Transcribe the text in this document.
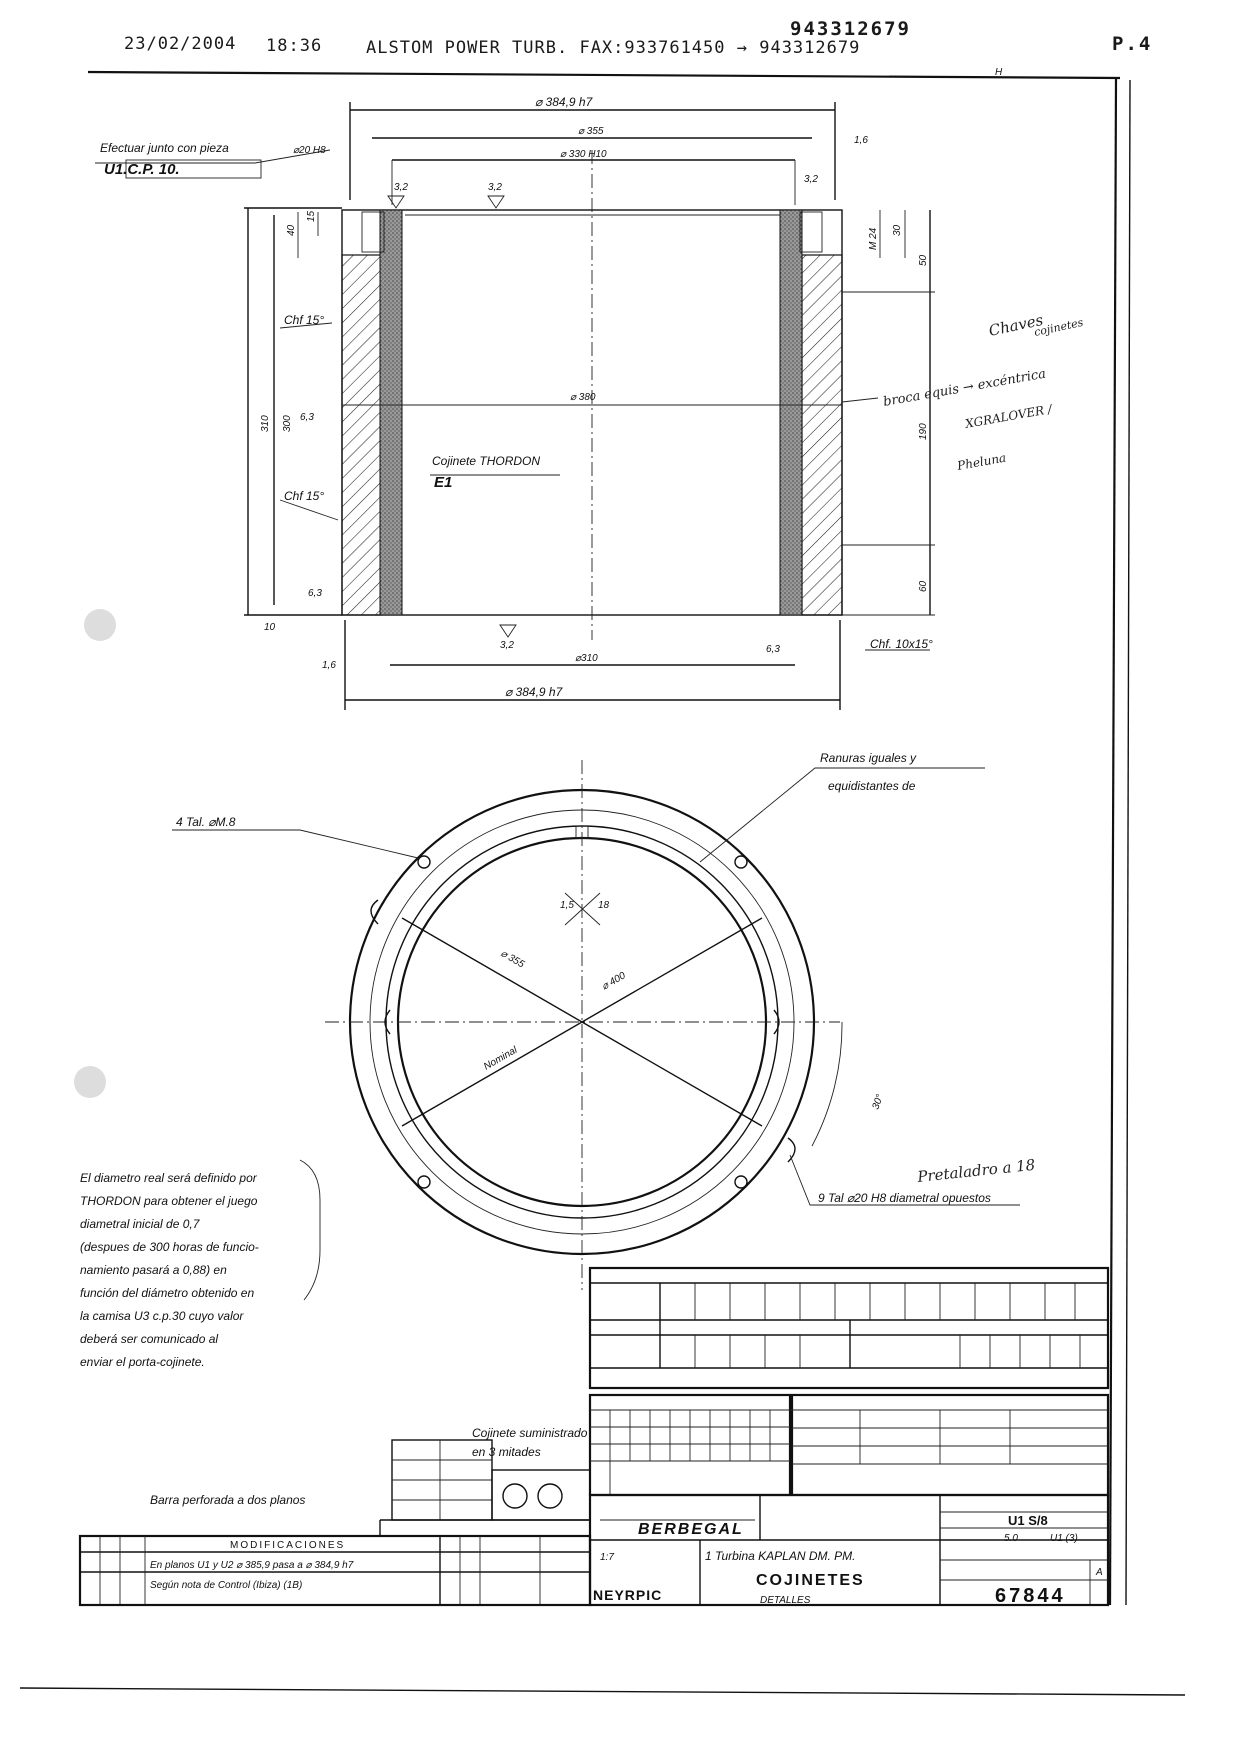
23/02/2004 18:36	ALSTOM POWER TURB. FAX:933761450 → 943312679
943312679
P.4
H
Efectuar junto con pieza
U1.C.P. 10.
⌀20 H8
⌀ 384,9 h7
⌀ 355
⌀ 330 H10
⌀ 380
⌀310
⌀ 384,9 h7
Chf 15°
Chf 15°
Chf. 10x15°
Cojinete THORDON
E1
310 300
10
40
15
50
190
60
M 24 30
3,2	3,2
3,2
3,2
6,3
6,3
6,3
1,6
1,6
Chaves
cojinetes
broca equis → excéntrica
XGRALOVER /
Pheluna
Pretaladro a 18
Ranuras iguales y
equidistantes de
4 Tal. ⌀M.8
⌀ 355
⌀ 400
Nominal
30°
9 Tal ⌀20 H8 diametral opuestos
1,5 18
El diametro real será definido por
THORDON para obtener el juego
diametral inicial de 0,7
(despues de 300 horas de funcio-
namiento pasará a 0,88) en
función del diámetro obtenido en
la camisa U3 c.p.30 cuyo valor
deberá ser comunicado al
enviar el porta-cojinete.
Cojinete suministrado
en 3 mitades
Barra perforada a dos planos
BERBEGAL
1:7	1 Turbina KAPLAN DM. PM.
COJINETES
DETALLES
NEYRPIC
U1 S/8
5.0	U1 (3)
67844
A
MODIFICACIONES
En planos U1 y U2 ⌀ 385,9 pasa a ⌀ 384,9 h7
Según nota de Control (Ibiza) (1B)
